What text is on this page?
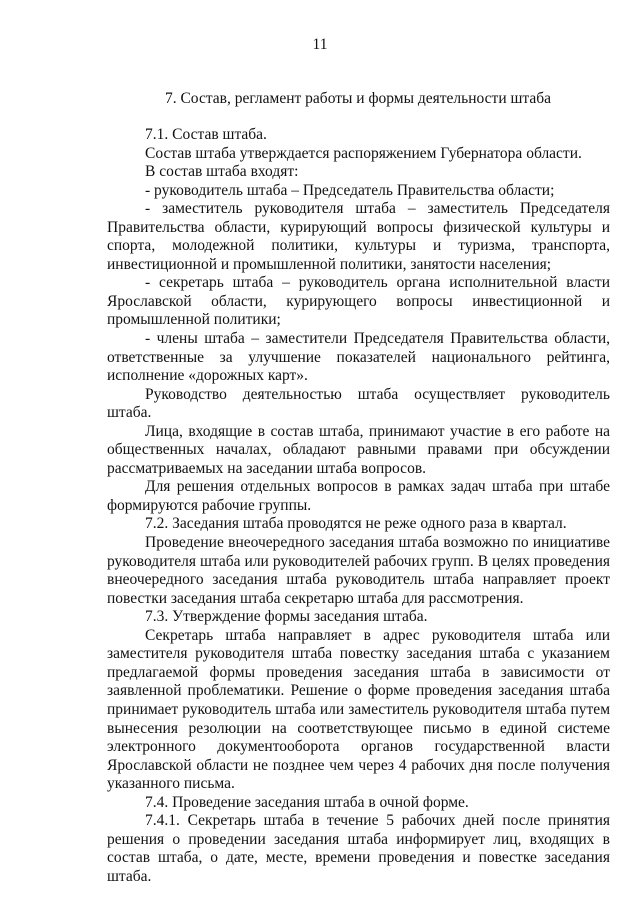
11
7. Состав, регламент работы и формы деятельности штаба

7.1. Состав штаба.

Состав штаба утверждается распоряжением Губернатора области.

В состав штаба входят:

- руководитель штаба – Председатель Правительства области;

- заместитель руководителя штаба – заместитель Председателя Правительства области, курирующий вопросы физической культуры и спорта, молодежной политики, культуры и туризма, транспорта, инвестиционной и промышленной политики, занятости населения;

- секретарь штаба – руководитель органа исполнительной власти Ярославской области, курирующего вопросы инвестиционной и промышленной политики;

- члены штаба – заместители Председателя Правительства области, ответственные за улучшение показателей национального рейтинга, исполнение «дорожных карт».

Руководство деятельностью штаба осуществляет руководитель штаба.

Лица, входящие в состав штаба, принимают участие в его работе на общественных началах, обладают равными правами при обсуждении рассматриваемых на заседании штаба вопросов.

Для решения отдельных вопросов в рамках задач штаба при штабе формируются рабочие группы.

7.2. Заседания штаба проводятся не реже одного раза в квартал.

Проведение внеочередного заседания штаба возможно по инициативе руководителя штаба или руководителей рабочих групп. В целях проведения внеочередного заседания штаба руководитель штаба направляет проект повестки заседания штаба секретарю штаба для рассмотрения.

7.3. Утверждение формы заседания штаба.

Секретарь штаба направляет в адрес руководителя штаба или заместителя руководителя штаба повестку заседания штаба с указанием предлагаемой формы проведения заседания штаба в зависимости от заявленной проблематики. Решение о форме проведения заседания штаба принимает руководитель штаба или заместитель руководителя штаба путем вынесения резолюции на соответствующее письмо в единой системе электронного документооборота органов государственной власти Ярославской области не позднее чем через 4 рабочих дня после получения указанного письма.

7.4. Проведение заседания штаба в очной форме.

7.4.1. Секретарь штаба в течение 5 рабочих дней после принятия решения о проведении заседания штаба информирует лиц, входящих в состав штаба, о дате, месте, времени проведения и повестке заседания штаба.
